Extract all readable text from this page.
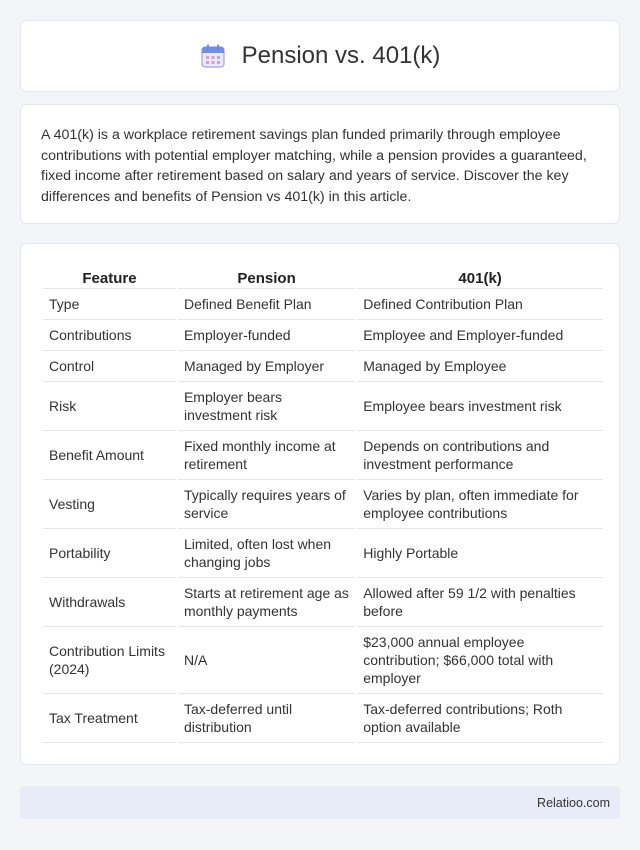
Pension vs. 401(k)

A 401(k) is a workplace retirement savings plan funded primarily through employee contributions with potential employer matching, while a pension provides a guaranteed, fixed income after retirement based on salary and years of service. Discover the key differences and benefits of Pension vs 401(k) in this article.

Feature	Pension	401(k)
Type	Defined Benefit Plan	Defined Contribution Plan
Contributions	Employer-funded	Employee and Employer-funded
Control	Managed by Employer	Managed by Employee
Risk	Employer bears investment risk	Employee bears investment risk
Benefit Amount	Fixed monthly income at retirement	Depends on contributions and investment performance
Vesting	Typically requires years of service	Varies by plan, often immediate for employee contributions
Portability	Limited, often lost when changing jobs	Highly Portable
Withdrawals	Starts at retirement age as monthly payments	Allowed after 59 1/2 with penalties before
Contribution Limits (2024)	N/A	$23,000 annual employee contribution; $66,000 total with employer
Tax Treatment	Tax-deferred until distribution	Tax-deferred contributions; Roth option available
Relatioo.com
